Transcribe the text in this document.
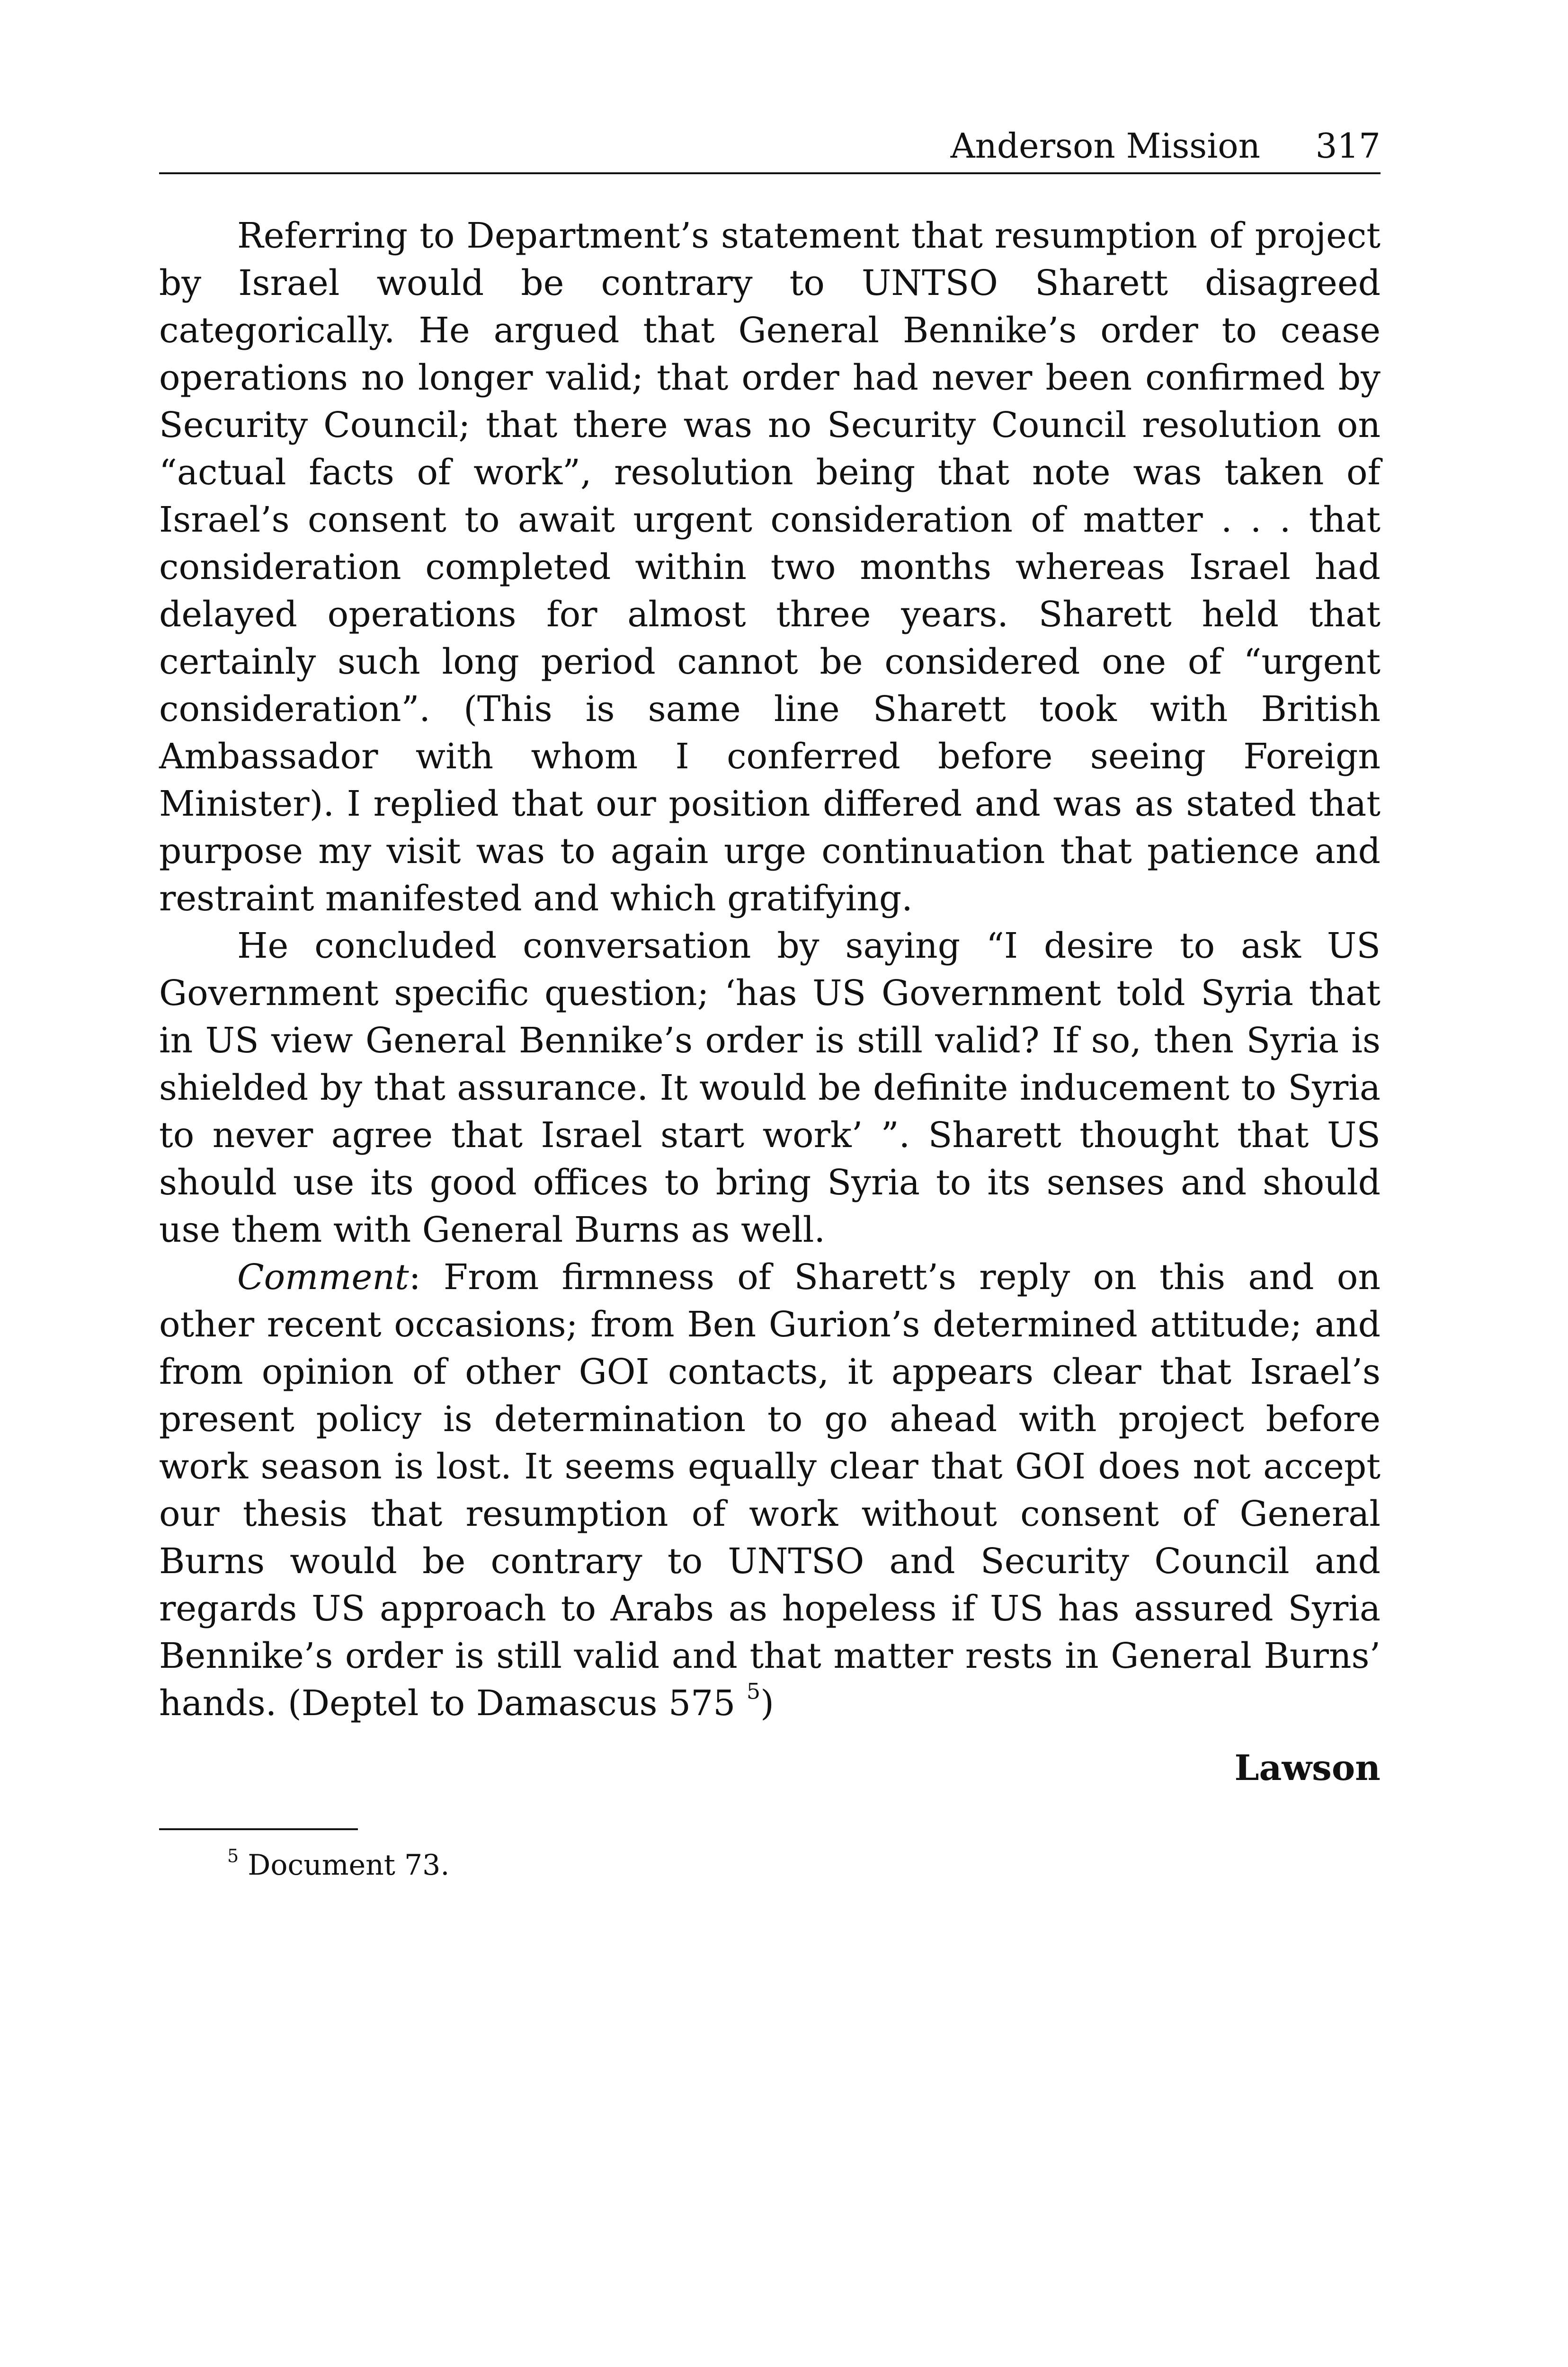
Anderson Mission 317

Referring to Department’s statement that resumption of project by Israel would be contrary to UNTSO Sharett disagreed categorically. He argued that General Bennike’s order to cease operations no longer valid; that order had never been confirmed by Security Council; that there was no Security Council resolution on “actual facts of work”, resolution being that note was taken of Israel’s consent to await urgent consideration of matter . . . that consideration completed within two months whereas Israel had delayed operations for almost three years. Sharett held that certainly such long period cannot be considered one of “urgent consideration”. (This is same line Sharett took with British Ambassador with whom I conferred before seeing Foreign Minister). I replied that our position differed and was as stated that purpose my visit was to again urge continuation that patience and restraint manifested and which gratifying.

He concluded conversation by saying “I desire to ask US Government specific question; ‘has US Government told Syria that in US view General Bennike’s order is still valid? If so, then Syria is shielded by that assurance. It would be definite inducement to Syria to never agree that Israel start work’ ”. Sharett thought that US should use its good offices to bring Syria to its senses and should use them with General Burns as well.

Comment: From firmness of Sharett’s reply on this and on other recent occasions; from Ben Gurion’s determined attitude; and from opinion of other GOI contacts, it appears clear that Israel’s present policy is determination to go ahead with project before work season is lost. It seems equally clear that GOI does not accept our thesis that resumption of work without consent of General Burns would be contrary to UNTSO and Security Council and regards US approach to Arabs as hopeless if US has assured Syria Bennike’s order is still valid and that matter rests in General Burns’ hands. (Deptel to Damascus 575 $^5$)

Lawson
$^5$ Document 73.
